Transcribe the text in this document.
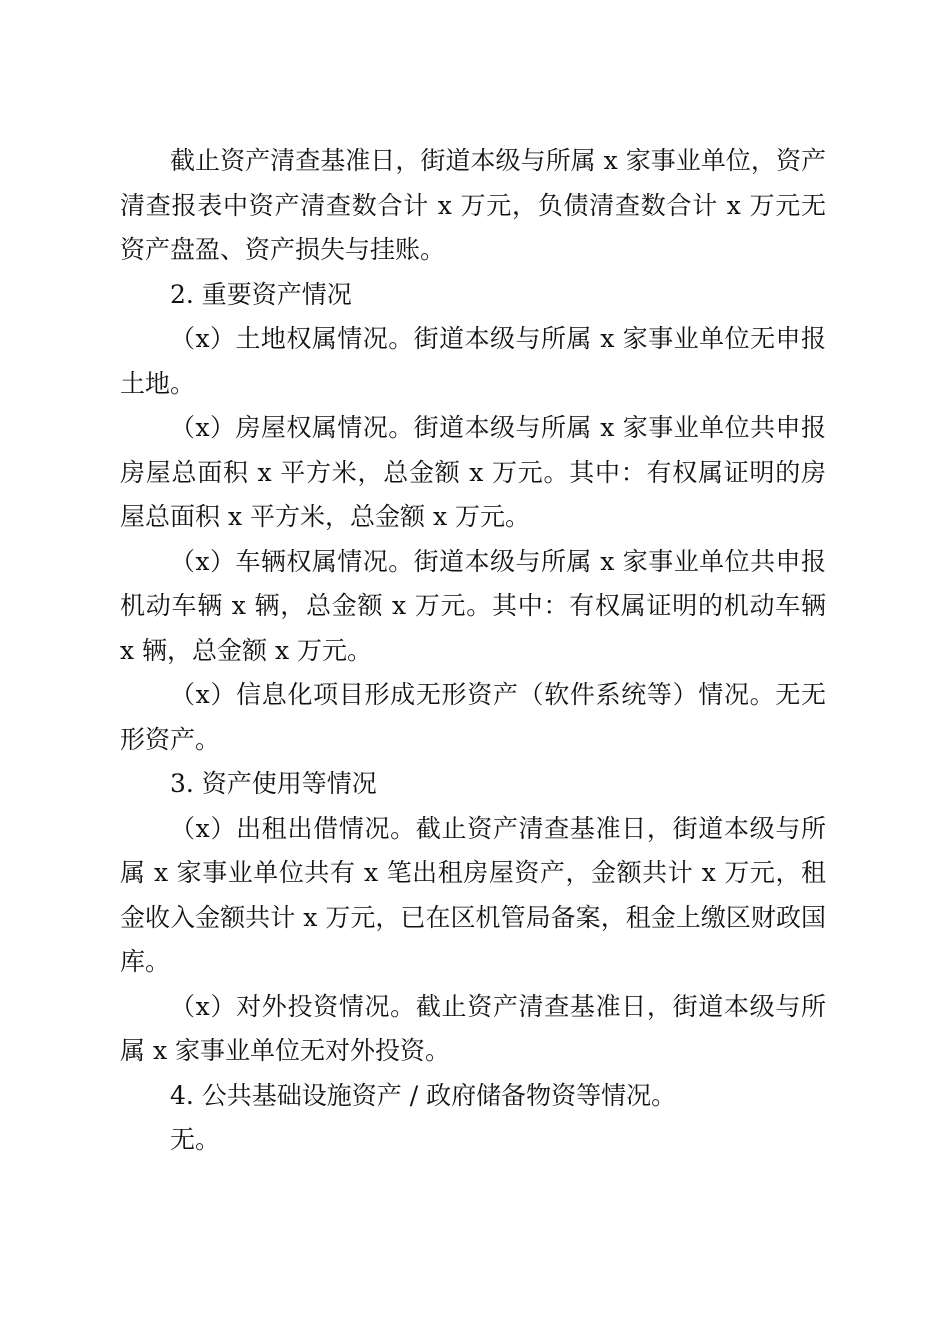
截止资产清查基准日，街道本级与所属 x 家事业单位，资产清查报表中资产清查数合计 x 万元，负债清查数合计 x 万元无资产盘盈、资产损失与挂账。

2. 重要资产情况

（x）土地权属情况。街道本级与所属 x 家事业单位无申报土地。

（x）房屋权属情况。街道本级与所属 x 家事业单位共申报房屋总面积 x 平方米，总金额 x 万元。其中：有权属证明的房屋总面积 x 平方米，总金额 x 万元。

（x）车辆权属情况。街道本级与所属 x 家事业单位共申报机动车辆 x 辆，总金额 x 万元。其中：有权属证明的机动车辆 x 辆，总金额 x 万元。

（x）信息化项目形成无形资产（软件系统等）情况。无无形资产。

3. 资产使用等情况

（x）出租出借情况。截止资产清查基准日，街道本级与所属 x 家事业单位共有 x 笔出租房屋资产，金额共计 x 万元，租金收入金额共计 x 万元，已在区机管局备案，租金上缴区财政国库。

（x）对外投资情况。截止资产清查基准日，街道本级与所属 x 家事业单位无对外投资。

4. 公共基础设施资产 / 政府储备物资等情况。

无。
